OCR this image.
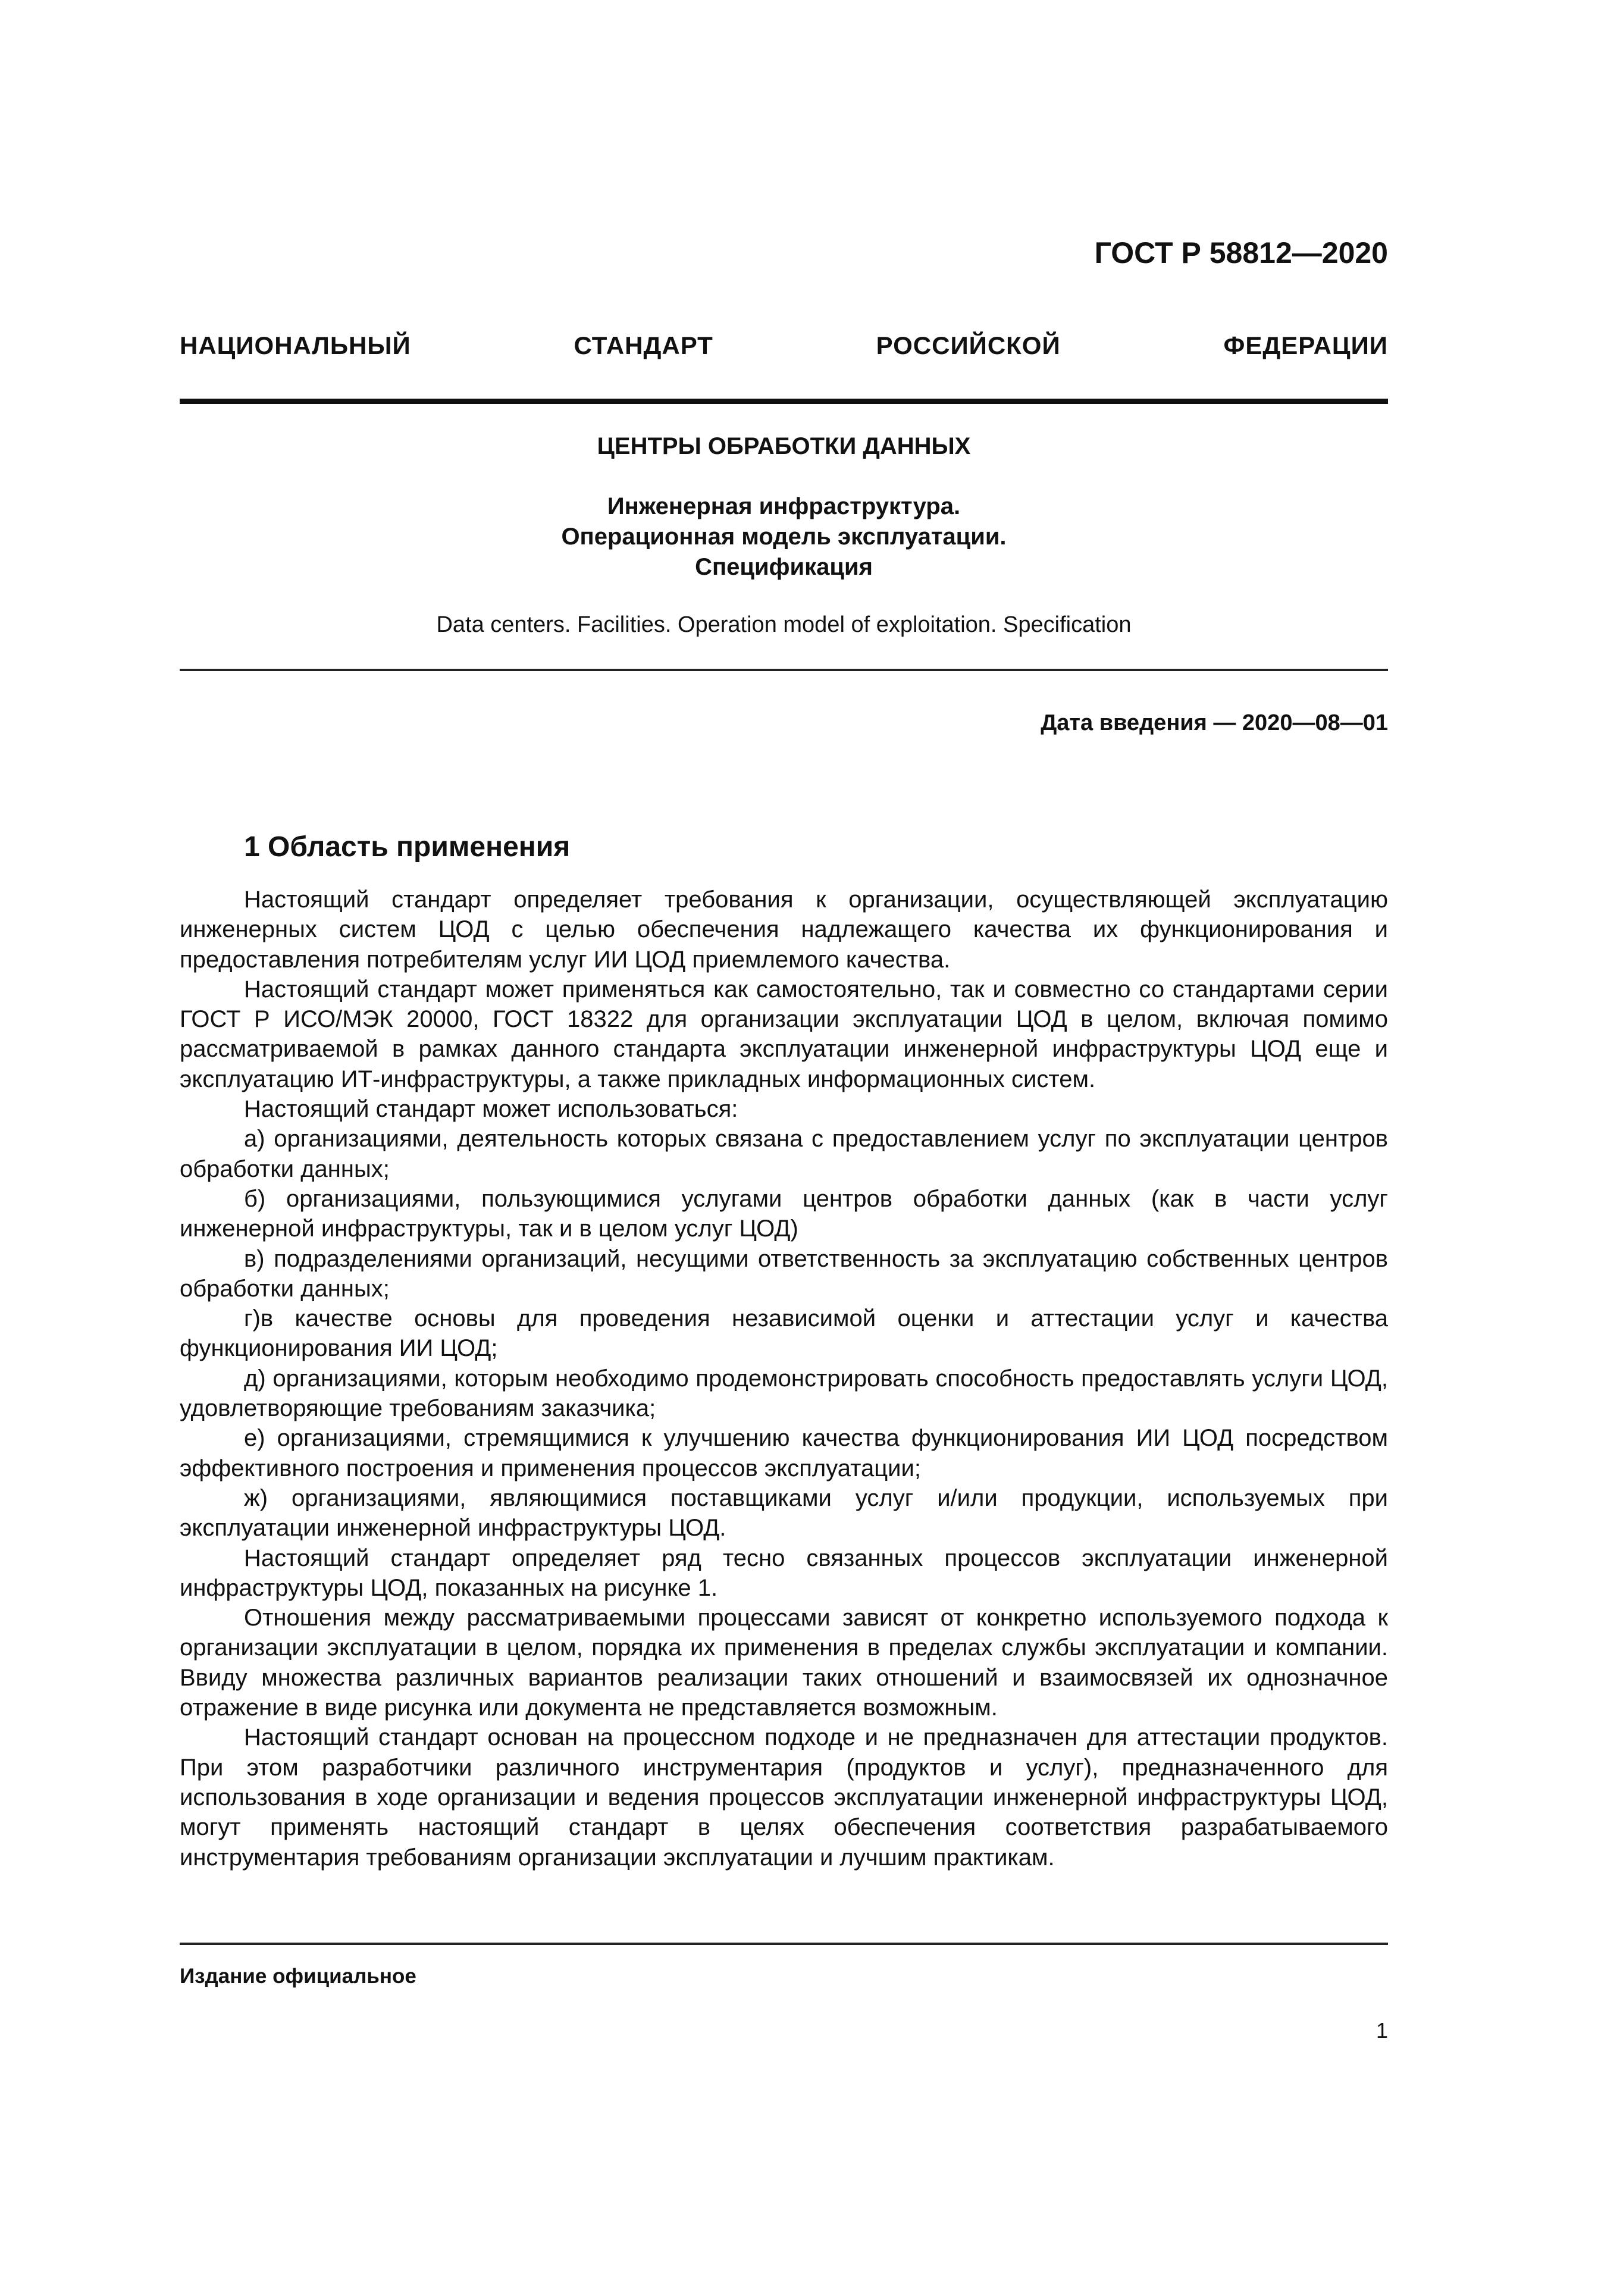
ГОСТ Р 58812—2020
НАЦИОНАЛЬНЫЙ СТАНДАРТ РОССИЙСКОЙ ФЕДЕРАЦИИ
ЦЕНТРЫ ОБРАБОТКИ ДАННЫХ
Инженерная инфраструктура.
Операционная модель эксплуатации.
Спецификация
Data centers. Facilities. Operation model of exploitation. Specification
Дата введения — 2020—08—01
1 Область применения

Настоящий стандарт определяет требования к организации, осуществляющей эксплуатацию инженерных систем ЦОД с целью обеспечения надлежащего качества их функционирования и предоставления потребителям услуг ИИ ЦОД приемлемого качества.

Настоящий стандарт может применяться как самостоятельно, так и совместно со стандартами серии ГОСТ Р ИСО/МЭК 20000, ГОСТ 18322 для организации эксплуатации ЦОД в целом, включая помимо рассматриваемой в рамках данного стандарта эксплуатации инженерной инфраструктуры ЦОД еще и эксплуатацию ИТ-инфраструктуры, а также прикладных информационных систем.

Настоящий стандарт может использоваться:

а) организациями, деятельность которых связана с предоставлением услуг по эксплуатации центров обработки данных;

б) организациями, пользующимися услугами центров обработки данных (как в части услуг инженерной инфраструктуры, так и в целом услуг ЦОД)

в) подразделениями организаций, несущими ответственность за эксплуатацию собственных центров обработки данных;

г)в качестве основы для проведения независимой оценки и аттестации услуг и качества функционирования ИИ ЦОД;

д) организациями, которым необходимо продемонстрировать способность предоставлять услуги ЦОД, удовлетворяющие требованиям заказчика;

е) организациями, стремящимися к улучшению качества функционирования ИИ ЦОД посредством эффективного построения и применения процессов эксплуатации;

ж) организациями, являющимися поставщиками услуг и/или продукции, используемых при эксплуатации инженерной инфраструктуры ЦОД.

Настоящий стандарт определяет ряд тесно связанных процессов эксплуатации инженерной инфраструктуры ЦОД, показанных на рисунке 1.

Отношения между рассматриваемыми процессами зависят от конкретно используемого подхода к организации эксплуатации в целом, порядка их применения в пределах службы эксплуатации и компании. Ввиду множества различных вариантов реализации таких отношений и взаимосвязей их однозначное отражение в виде рисунка или документа не представляется возможным.

Настоящий стандарт основан на процессном подходе и не предназначен для аттестации продуктов. При этом разработчики различного инструментария (продуктов и услуг), предназначенного для использования в ходе организации и ведения процессов эксплуатации инженерной инфраструктуры ЦОД, могут применять настоящий стандарт в целях обеспечения соответствия разрабатываемого инструментария требованиям организации эксплуатации и лучшим практикам.

Издание официальное
1
